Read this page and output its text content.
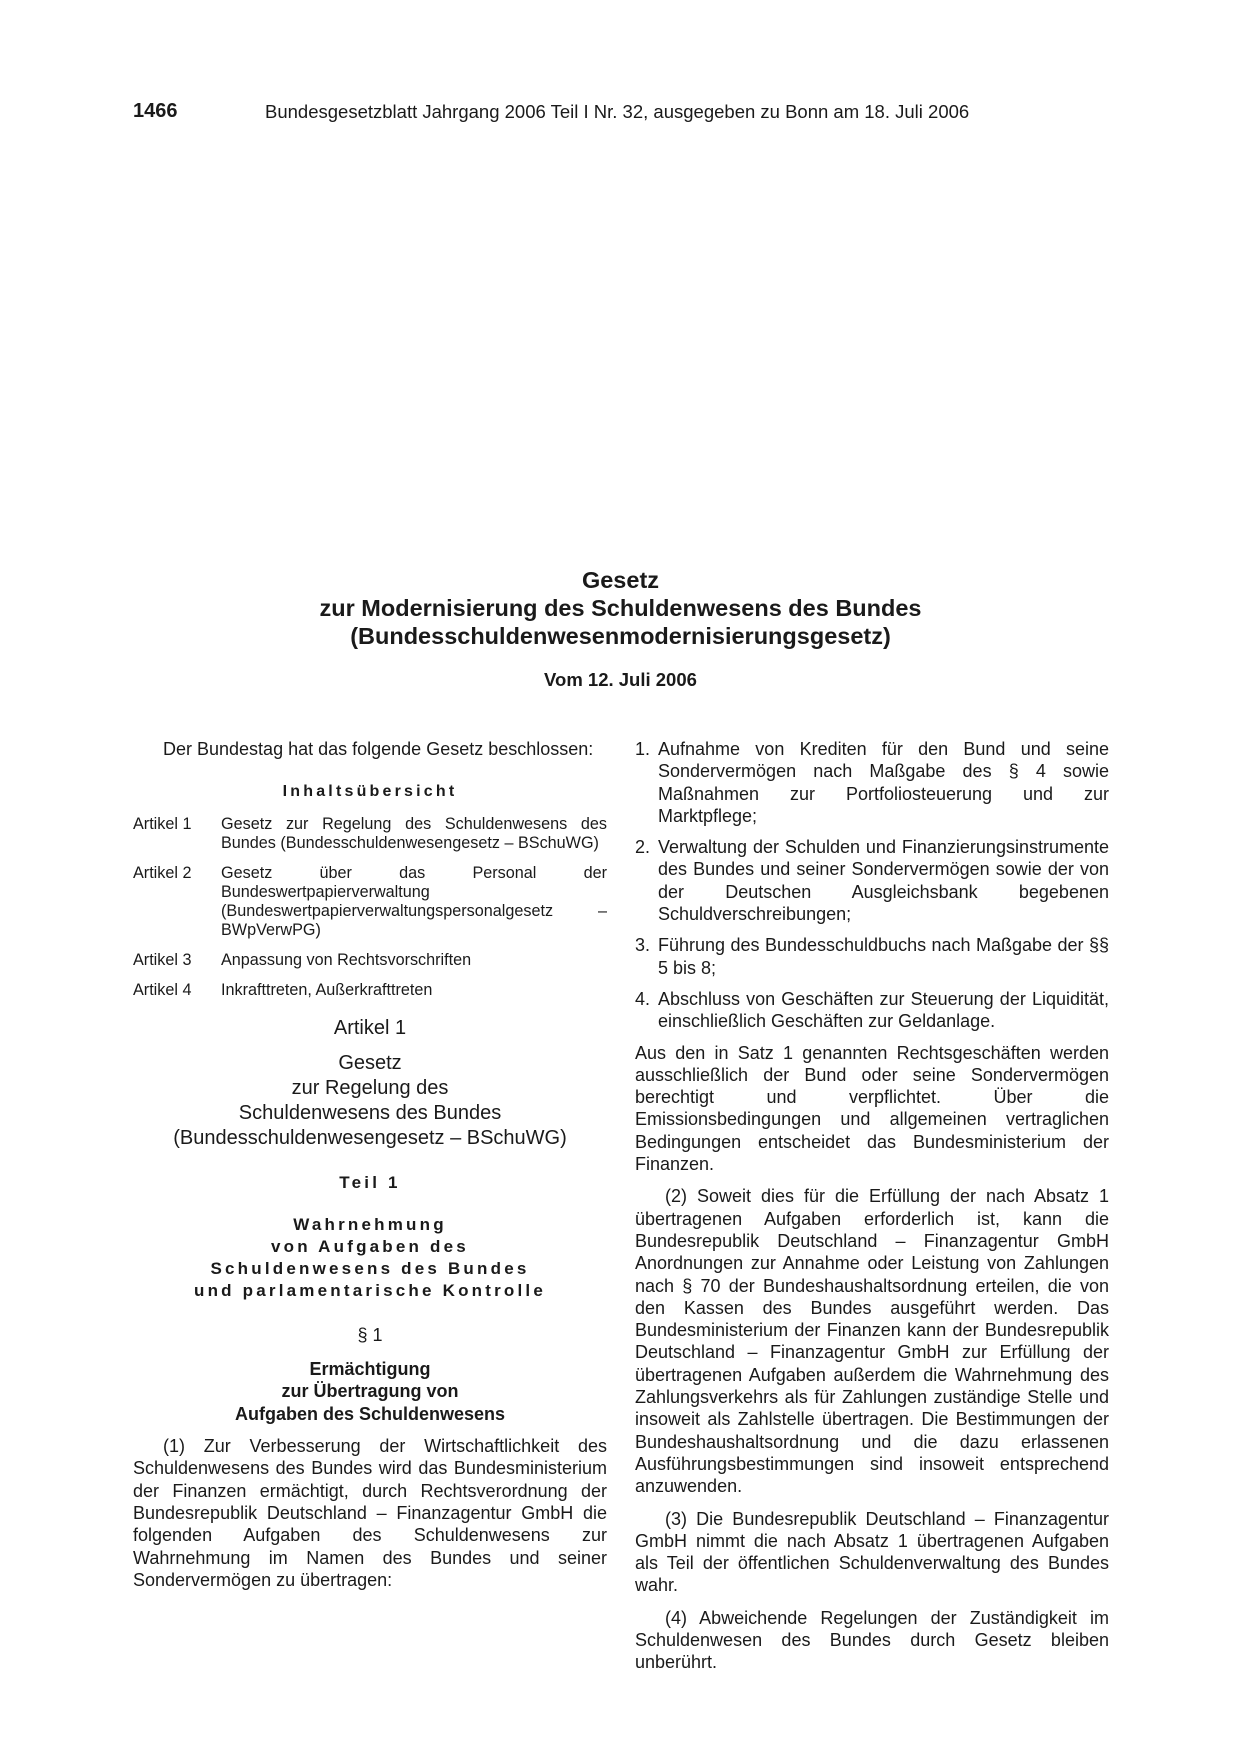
1466	Bundesgesetzblatt Jahrgang 2006 Teil I Nr. 32, ausgegeben zu Bonn am 18. Juli 2006
Gesetz
zur Modernisierung des Schuldenwesens des Bundes
(Bundesschuldenwesenmodernisierungsgesetz)
Vom 12. Juli 2006

Der Bundestag hat das folgende Gesetz beschlossen:

Inhaltsübersicht
Artikel 1	Gesetz zur Regelung des Schuldenwesens des Bundes (Bundesschuldenwesengesetz – BSchuWG)
Artikel 2	Gesetz über das Personal der Bundeswertpapierverwaltung (Bundeswertpapierverwaltungspersonalgesetz – BWpVerwPG)
Artikel 3	Anpassung von Rechtsvorschriften
Artikel 4	Inkrafttreten, Außerkrafttreten
Artikel 1
Gesetz
zur Regelung des
Schuldenwesens des Bundes
(Bundesschuldenwesengesetz – BSchuWG)
Teil 1
Wahrnehmung
von Aufgaben des
Schuldenwesens des Bundes
und parlamentarische Kontrolle
§ 1
Ermächtigung
zur Übertragung von
Aufgaben des Schuldenwesens

(1) Zur Verbesserung der Wirtschaftlichkeit des Schuldenwesens des Bundes wird das Bundesministerium der Finanzen ermächtigt, durch Rechtsverordnung der Bundesrepublik Deutschland – Finanzagentur GmbH die folgenden Aufgaben des Schuldenwesens zur Wahrnehmung im Namen des Bundes und seiner Sondervermögen zu übertragen:

1. Aufnahme von Krediten für den Bund und seine Sondervermögen nach Maßgabe des § 4 sowie Maßnahmen zur Portfoliosteuerung und zur Marktpflege;
2. Verwaltung der Schulden und Finanzierungsinstrumente des Bundes und seiner Sondervermögen sowie der von der Deutschen Ausgleichsbank begebenen Schuldverschreibungen;
3. Führung des Bundesschuldbuchs nach Maßgabe der §§ 5 bis 8;
4. Abschluss von Geschäften zur Steuerung der Liquidität, einschließlich Geschäften zur Geldanlage.

Aus den in Satz 1 genannten Rechtsgeschäften werden ausschließlich der Bund oder seine Sondervermögen berechtigt und verpflichtet. Über die Emissionsbedingungen und allgemeinen vertraglichen Bedingungen entscheidet das Bundesministerium der Finanzen.

(2) Soweit dies für die Erfüllung der nach Absatz 1 übertragenen Aufgaben erforderlich ist, kann die Bundesrepublik Deutschland – Finanzagentur GmbH Anordnungen zur Annahme oder Leistung von Zahlungen nach § 70 der Bundeshaushaltsordnung erteilen, die von den Kassen des Bundes ausgeführt werden. Das Bundesministerium der Finanzen kann der Bundesrepublik Deutschland – Finanzagentur GmbH zur Erfüllung der übertragenen Aufgaben außerdem die Wahrnehmung des Zahlungsverkehrs als für Zahlungen zuständige Stelle und insoweit als Zahlstelle übertragen. Die Bestimmungen der Bundeshaushaltsordnung und die dazu erlassenen Ausführungsbestimmungen sind insoweit entsprechend anzuwenden.

(3) Die Bundesrepublik Deutschland – Finanzagentur GmbH nimmt die nach Absatz 1 übertragenen Aufgaben als Teil der öffentlichen Schuldenverwaltung des Bundes wahr.

(4) Abweichende Regelungen der Zuständigkeit im Schuldenwesen des Bundes durch Gesetz bleiben unberührt.
